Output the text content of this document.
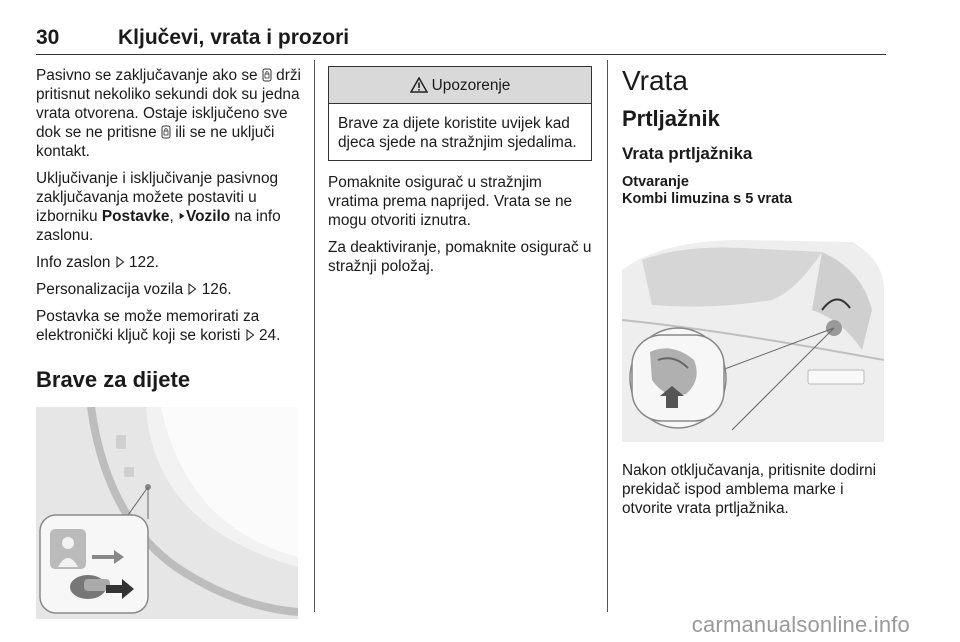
30	Ključevi, vrata i prozori

Pasivno se zaključavanje ako se drži pritisnut nekoliko sekundi dok su jedna vrata otvorena. Ostaje isključeno sve dok se ne pritisne ili se ne uključi kontakt.

Uključivanje i isključivanje pasivnog zaključavanja možete postaviti u izborniku Postavke, Vozilo na info zaslonu.

Info zaslon 122.

Personalizacija vozila 126.

Postavka se može memorirati za elektronički ključ koji se koristi 24.

Brave za dijete
Upozorenje
Brave za dijete koristite uvijek kad djeca sjede na stražnjim sjedalima.

Pomaknite osigurač u stražnjim vratima prema naprijed. Vrata se ne mogu otvoriti iznutra.

Za deaktiviranje, pomaknite osigurač u stražnji položaj.

Vrata
Prtljažnik
Vrata prtljažnika
Otvaranje
Kombi limuzina s 5 vrata

Nakon otključavanja, pritisnite dodirni prekidač ispod amblema marke i otvorite vrata prtljažnika.

carmanualsonline.info
